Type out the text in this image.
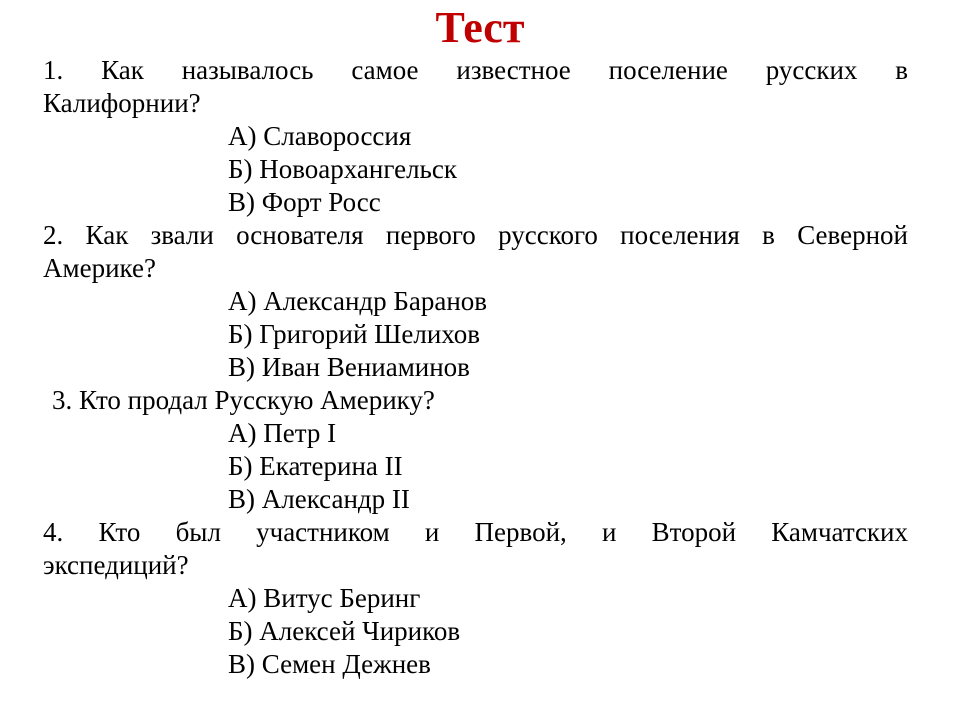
Тест
1. Как называлось самое известное поселение русских в
Калифорнии?
А) Славороссия
Б) Новоархангельск
В) Форт Росс
2. Как звали основателя первого русского поселения в Северной
Америке?
А) Александр Баранов
Б) Григорий Шелихов
В) Иван Вениаминов
3. Кто продал Русскую Америку?
А) Петр I
Б) Екатерина II
В) Александр II
4. Кто был участником и Первой, и Второй Камчатских
экспедиций?
А) Витус Беринг
Б) Алексей Чириков
В) Семен Дежнев
